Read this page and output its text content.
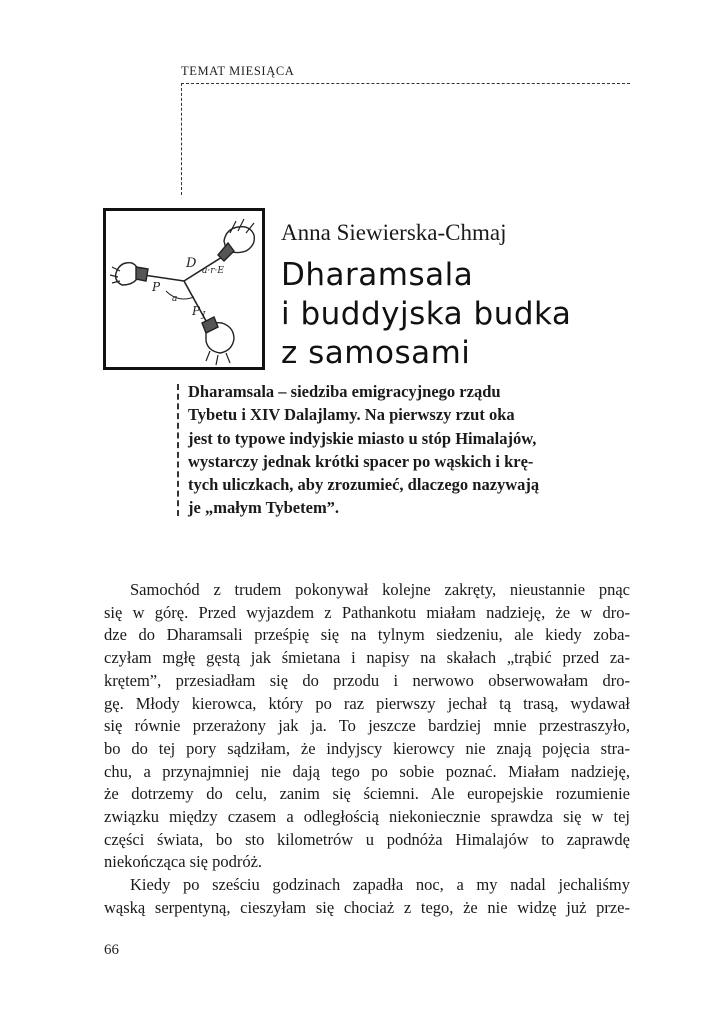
TEMAT MIESIĄCA
D a·r·E
P
a
P J
Anna Siewierska-Chmaj
Dharamsala
i buddyjska budka
z samosami

Dharamsala – siedziba emigracyjnego rządu
Tybetu i XIV Dalajlamy. Na pierwszy rzut oka
jest to typowe indyjskie miasto u stóp Himalajów,
wystarczy jednak krótki spacer po wąskich i krę-
tych uliczkach, aby zrozumieć, dlaczego nazywają
je „małym Tybetem”.

Samochód z trudem pokonywał kolejne zakręty, nieustannie pnąc
się w górę. Przed wyjazdem z Pathankotu miałam nadzieję, że w dro-
dze do Dharamsali prześpię się na tylnym siedzeniu, ale kiedy zoba-
czyłam mgłę gęstą jak śmietana i napisy na skałach „trąbić przed za-
krętem”, przesiadłam się do przodu i nerwowo obserwowałam dro-
gę. Młody kierowca, który po raz pierwszy jechał tą trasą, wydawał
się równie przerażony jak ja. To jeszcze bardziej mnie przestraszyło,
bo do tej pory sądziłam, że indyjscy kierowcy nie znają pojęcia stra-
chu, a przynajmniej nie dają tego po sobie poznać. Miałam nadzieję,
że dotrzemy do celu, zanim się ściemni. Ale europejskie rozumienie
związku między czasem a odległością niekoniecznie sprawdza się w tej
części świata, bo sto kilometrów u podnóża Himalajów to zaprawdę
niekończąca się podróż.
Kiedy po sześciu godzinach zapadła noc, a my nadal jechaliśmy
wąską serpentyną, cieszyłam się chociaż z tego, że nie widzę już prze-
66
